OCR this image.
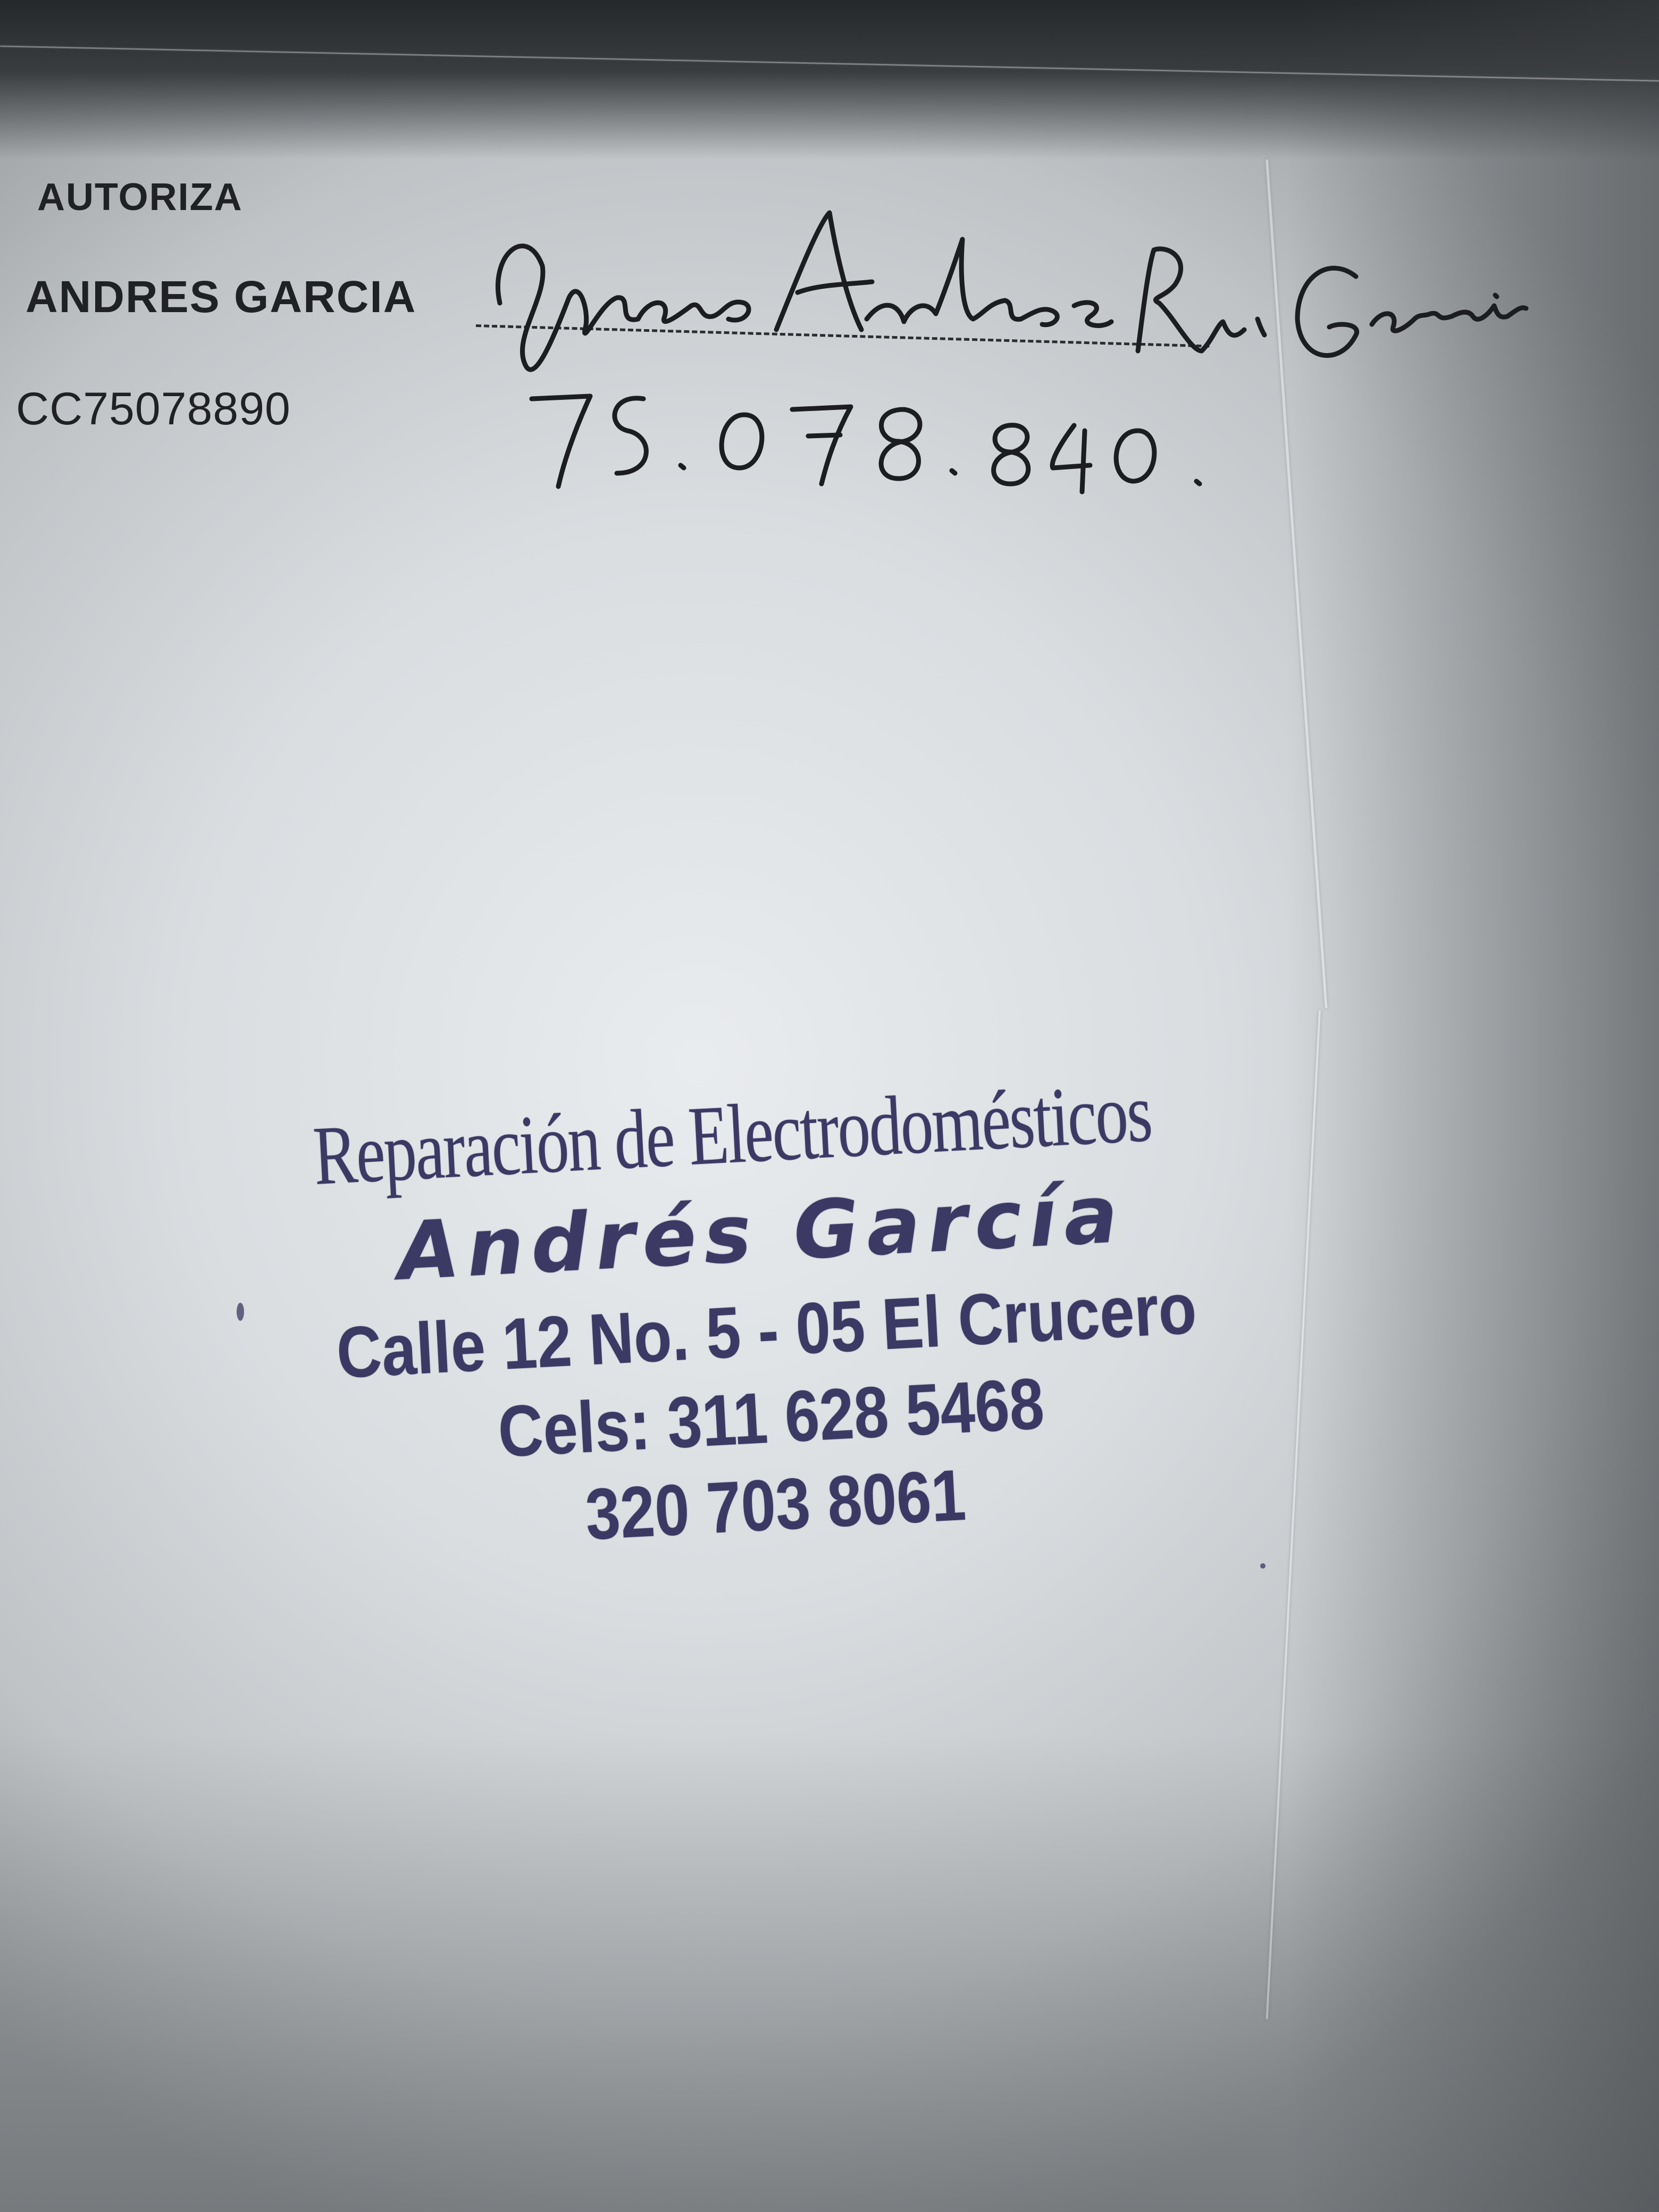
AUTORIZA
ANDRES GARCIA
CC75078890
Reparación de Electrodomésticos
Andrés García
Calle 12 No. 5 - 05 El Crucero
Cels: 311 628 5468
320 703 8061
